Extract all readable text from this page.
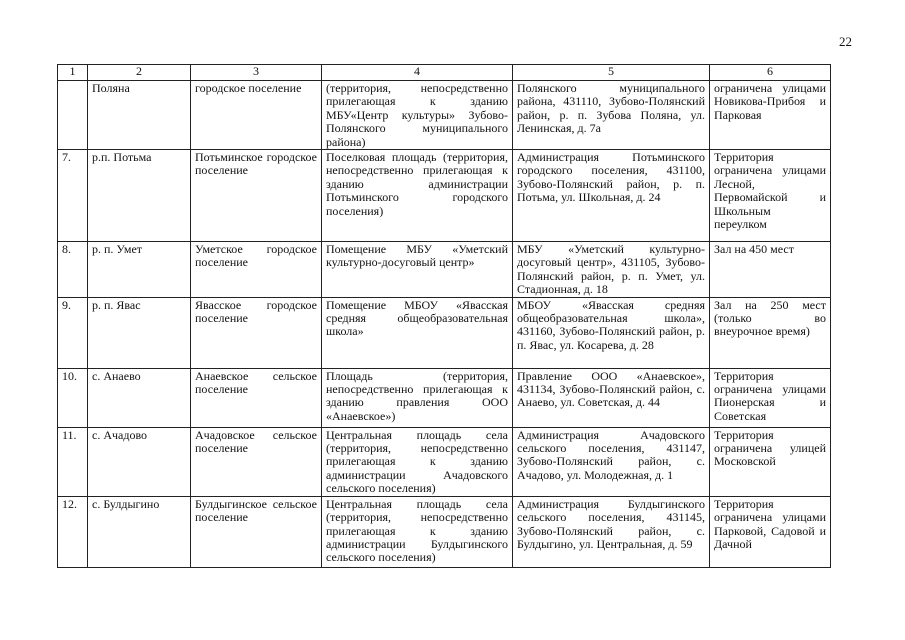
22
1	2	3	4	5	6
	Поляна	городское поселение	(территория, непосредственно прилегающая к зданию МБУ«Центр культуры» Зубово-Полянского муниципального района)	Полянского муниципального района, 431110, Зубово-Полянский район, р. п. Зубова Поляна, ул. Ленинская, д. 7а	ограничена улицами Новикова-Прибоя и Парковая
7.	р.п. Потьма	Потьминское городское поселение	Поселковая площадь (территория, непосредственно прилегающая к зданию администрации Потьминского городского поселения)	Администрация Потьминского городского поселения, 431100, Зубово-Полянский район, р. п. Потьма, ул. Школьная, д. 24	Территория ограничена улицами Лесной, Первомайской и Школьным переулком
8.	р. п. Умет	Уметское городское поселение	Помещение МБУ «Уметский культурно-досуговый центр»	МБУ «Уметский культурно-досуговый центр», 431105, Зубово-Полянский район, р. п. Умет, ул. Стадионная, д. 18	Зал на 450 мест
9.	р. п. Явас	Явасское городское поселение	Помещение МБОУ «Явасская средняя общеобразовательная школа»	МБОУ «Явасская средняя общеобразовательная школа», 431160, Зубово-Полянский район, р. п. Явас, ул. Косарева, д. 28	Зал на 250 мест (только во внеурочное время)
10.	с. Анаево	Анаевское сельское поселение	Площадь (территория, непосредственно прилегающая к зданию правления ООО «Анаевское»)	Правление ООО «Анаевское», 431134, Зубово-Полянский район, с. Анаево, ул. Советская, д. 44	Территория ограничена улицами Пионерская и Советская
11.	с. Ачадово	Ачадовское сельское поселение	Центральная площадь села (территория, непосредственно прилегающая к зданию администрации Ачадовского сельского поселения)	Администрация Ачадовского сельского поселения, 431147, Зубово-Полянский район, с. Ачадово, ул. Молодежная, д. 1	Территория ограничена улицей Московской
12.	с. Булдыгино	Булдыгинское сельское поселение	Центральная площадь села (территория, непосредственно прилегающая к зданию администрации Булдыгинского сельского поселения)	Администрация Булдыгинского сельского поселения, 431145, Зубово-Полянский район, с. Булдыгино, ул. Центральная, д. 59	Территория ограничена улицами Парковой, Садовой и Дачной
